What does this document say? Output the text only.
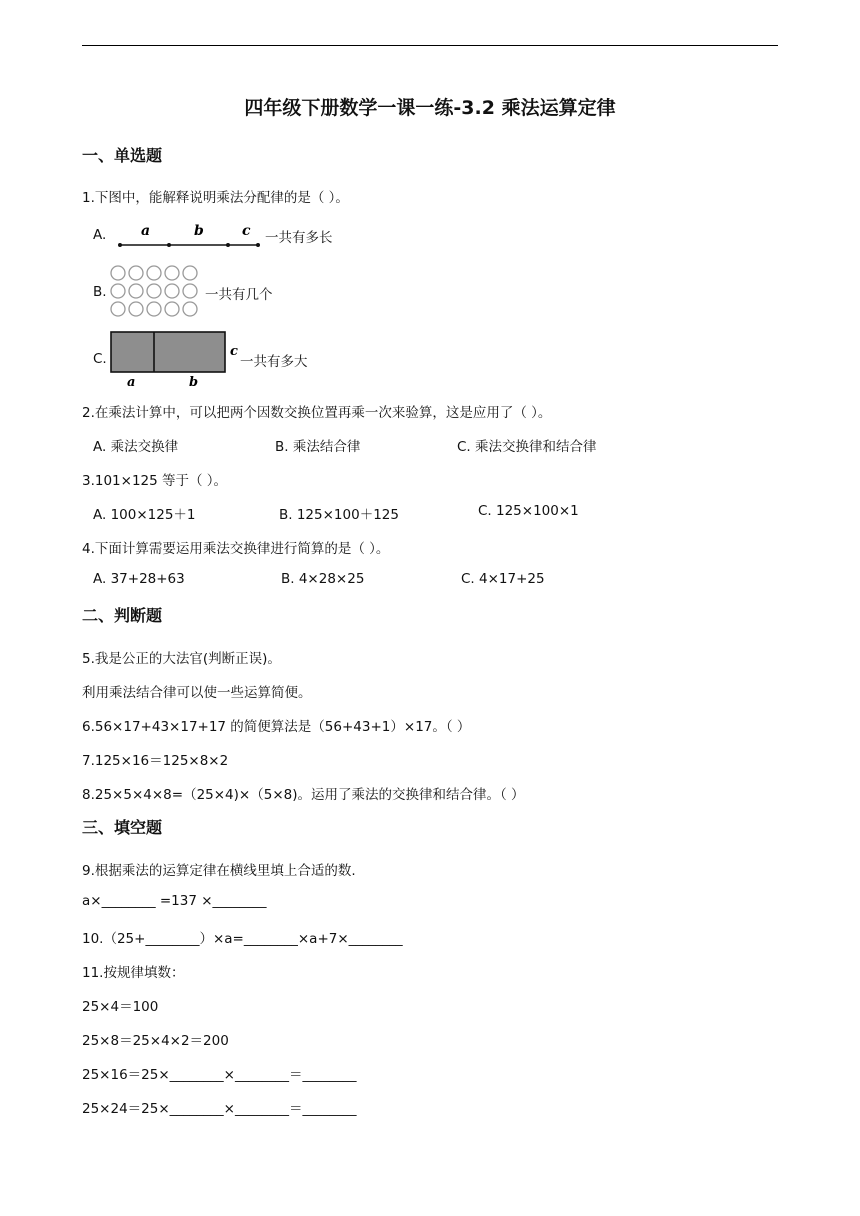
四年级下册数学一课一练-3.2 乘法运算定律
一、单选题
1.下图中，能解释说明乘法分配律的是（ ）。
A. a	b	c 一共有多长
B.	一共有几个
C.	c
a	b
一共有多大
2.在乘法计算中，可以把两个因数交换位置再乘一次来验算，这是应用了（ ）。
A. 乘法交换律	B. 乘法结合律	C. 乘法交换律和结合律
3.101×125 等于（ ）。
A. 100×125＋1	B. 125×100＋125	C. 125×100×1
4.下面计算需要运用乘法交换律进行简算的是（ ）。
A. 37+28+63	B. 4×28×25	C. 4×17+25
二、判断题
5.我是公正的大法官(判断正误)。
利用乘法结合律可以使一些运算简便。
6.56×17+43×17+17 的简便算法是（56+43+1）×17。（ ）
7.125×16＝125×8×2
8.25×5×4×8=（25×4)×（5×8)。运用了乘法的交换律和结合律。（ ）
三、填空题
9.根据乘法的运算定律在横线里填上合适的数.
a×________ =137 ×________
10.（25+________）×a=________×a+7×________
11.按规律填数：
25×4＝100
25×8＝25×4×2＝200
25×16＝25×________×________＝________
25×24＝25×________×________＝________
